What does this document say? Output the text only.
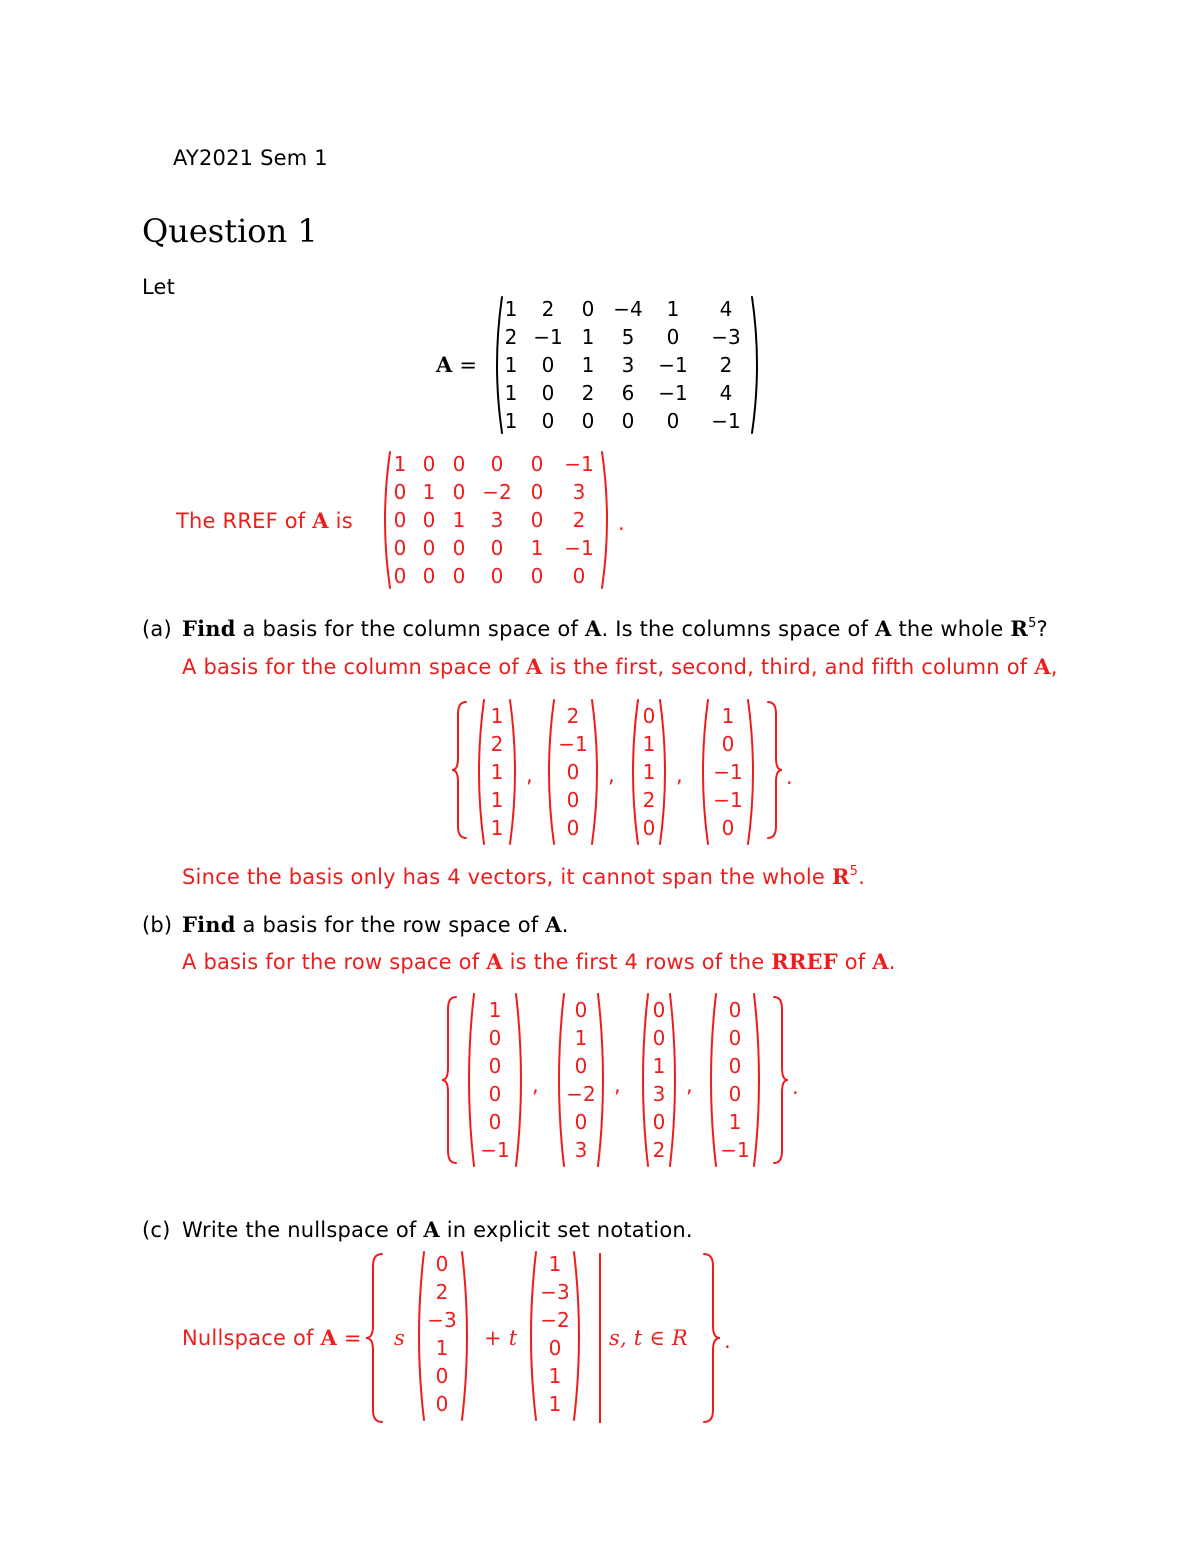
AY2021 Sem 1
Question 1
Let
A =
1	2	0 −4	1	4
2 −1 1	5	0	−3
1	0	1	3	−1	2
1	0	2	6	−1	4
1	0	0	0	0	−1
The RREF of A is
1 0 0	0	0	−1
0 1 0 −2 0	3
0 0 1	3	0	2
0 0 0	0	1	−1
0 0 0	0	0	0
.
(a) Find a basis for the column space of A. Is the columns space of A the whole $R^5$?
A basis for the column space of A is the first, second, third, and fifth column of A,
1
2
1
1
1
,
2
−1
0
0
0
,
0
1
1
2
0
,
1
0
−1
−1
0
.
Since the basis only has 4 vectors, it cannot span the whole $R^5$.
(b) Find a basis for the row space of A.
A basis for the row space of A is the first 4 rows of the RREF of A.
1
0
0
0
0
−1
,
0
1
0
−2
0
3
,
0
0
1
3
0
2
,
0
0
0
0
1
−1
.
(c) Write the nullspace of A in explicit set notation.
Nullspace of A = s
0
2
−3
1
0
0
+ t
1
−3
−2
0
1
1
s, t ∈ R .
